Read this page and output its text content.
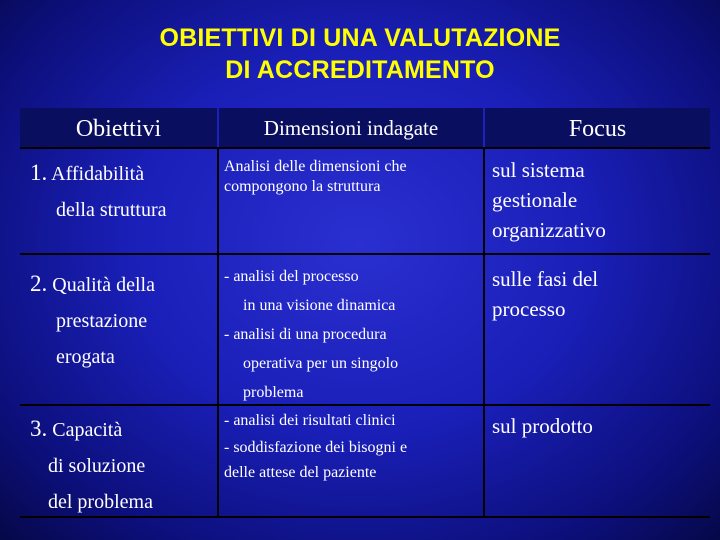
OBIETTIVI DI UNA VALUTAZIONE
DI ACCREDITAMENTO
Obiettivi	Dimensioni indagate	Focus
1. Affidabilità
della struttura
Analisi delle dimensioni che
compongono la struttura
sul sistema
gestionale
organizzativo
2. Qualità della
prestazione
erogata
- analisi del processo
in una visione dinamica
- analisi di una procedura
operativa per un singolo
problema
sulle fasi del
processo
3. Capacità
di soluzione
del problema
- analisi dei risultati clinici
- soddisfazione dei bisogni e
delle attese del paziente
sul prodotto
